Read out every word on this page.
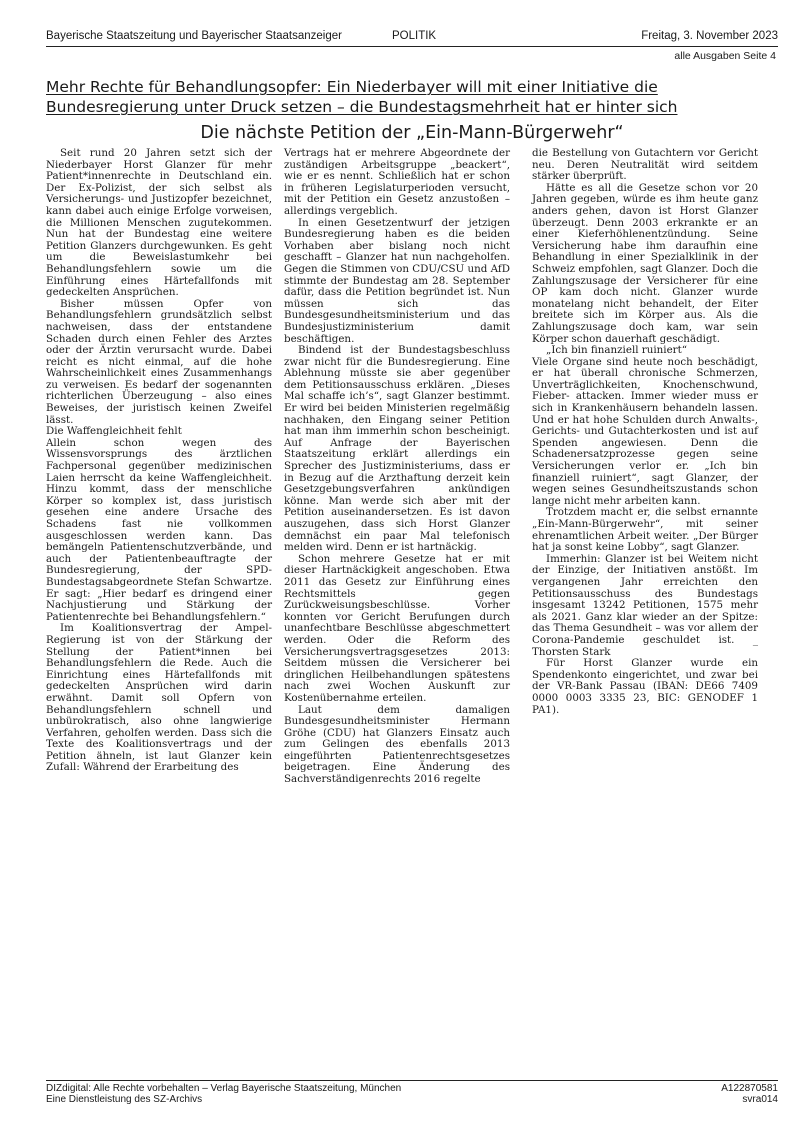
Bayerische Staatszeitung und Bayerischer Staatsanzeiger	POLITIK	Freitag, 3. November 2023
alle Ausgaben Seite 4
Mehr Rechte für Behandlungsopfer: Ein Niederbayer will mit einer Initiative die Bundesregierung unter Druck setzen – die Bundestagsmehrheit hat er hinter sich
Die nächste Petition der „Ein-Mann-Bürgerwehr“

Seit rund 20 Jahren setzt sich der Niederbayer Horst Glanzer für mehr Patient*innenrechte in Deutschland ein. Der Ex-Polizist, der sich selbst als Versicherungs- und Justizopfer bezeichnet, kann dabei auch einige Erfolge vorweisen, die Millionen Menschen zugutekommen. Nun hat der Bundestag eine weitere Petition Glanzers durchgewunken. Es geht um die Beweislastumkehr bei Behandlungsfehlern sowie um die Einführung eines Härtefallfonds mit gedeckelten Ansprüchen.

Bisher müssen Opfer von Behandlungsfehlern grundsätzlich selbst nachweisen, dass der entstandene Schaden durch einen Fehler des Arztes oder der Ärztin verursacht wurde. Dabei reicht es nicht einmal, auf die hohe Wahrscheinlichkeit eines Zusammenhangs zu verweisen. Es bedarf der sogenannten richterlichen Überzeugung – also eines Beweises, der juristisch keinen Zweifel lässt.

Die Waffengleichheit fehlt

Allein schon wegen des Wissensvorsprungs des ärztlichen Fachpersonal gegenüber medizinischen Laien herrscht da keine Waffengleichheit. Hinzu kommt, dass der menschliche Körper so komplex ist, dass juristisch gesehen eine andere Ursache des Schadens fast nie vollkommen ausgeschlossen werden kann. Das bemängeln Patientenschutzverbände, und auch der Patientenbeauftragte der Bundesregierung, der SPD-Bundestagsabgeordnete Stefan Schwartze. Er sagt: „Hier bedarf es dringend einer Nachjustierung und Stärkung der Patientenrechte bei Behandlungsfehlern.“

Im Koalitionsvertrag der Ampel-Regierung ist von der Stärkung der Stellung der Patient*innen bei Behandlungsfehlern die Rede. Auch die Einrichtung eines Härtefallfonds mit gedeckelten Ansprüchen wird darin erwähnt. Damit soll Opfern von Behandlungsfehlern schnell und unbürokratisch, also ohne langwierige Verfahren, geholfen werden. Dass sich die Texte des Koalitionsvertrags und der Petition ähneln, ist laut Glanzer kein Zufall: Während der Erarbeitung des

Vertrags hat er mehrere Abgeordnete der zuständigen Arbeitsgruppe „beackert“, wie er es nennt. Schließlich hat er schon in früheren Legislaturperioden versucht, mit der Petition ein Gesetz anzustoßen – allerdings vergeblich.

In einen Gesetzentwurf der jetzigen Bundesregierung haben es die beiden Vorhaben aber bislang noch nicht geschafft – Glanzer hat nun nachgeholfen. Gegen die Stimmen von CDU/CSU und AfD stimmte der Bundestag am 28. September dafür, dass die Petition begründet ist. Nun müssen sich das Bundesgesundheitsministerium und das Bundesjustizministerium damit beschäftigen.

Bindend ist der Bundestagsbeschluss zwar nicht für die Bundesregierung. Eine Ablehnung müsste sie aber gegenüber dem Petitionsausschuss erklären. „Dieses Mal schaffe ich’s“, sagt Glanzer bestimmt. Er wird bei beiden Ministerien regelmäßig nachhaken, den Eingang seiner Petition hat man ihm immerhin schon bescheinigt. Auf Anfrage der Bayerischen Staatszeitung erklärt allerdings ein Sprecher des Justizministeriums, dass er in Bezug auf die Arzthaftung derzeit kein Gesetzgebungsverfahren ankündigen könne. Man werde sich aber mit der Petition auseinandersetzen. Es ist davon auszugehen, dass sich Horst Glanzer demnächst ein paar Mal telefonisch melden wird. Denn er ist hartnäckig.

Schon mehrere Gesetze hat er mit dieser Hartnäckigkeit angeschoben. Etwa 2011 das Gesetz zur Einführung eines Rechtsmittels gegen Zurückweisungsbeschlüsse. Vorher konnten vor Gericht Berufungen durch unanfechtbare Beschlüsse abgeschmettert werden. Oder die Reform des Versicherungsvertragsgesetzes 2013: Seitdem müssen die Versicherer bei dringlichen Heilbehandlungen spätestens nach zwei Wochen Auskunft zur Kostenübernahme erteilen.

Laut dem damaligen Bundesgesundheitsminister Hermann Gröhe (CDU) hat Glanzers Einsatz auch zum Gelingen des ebenfalls 2013 eingeführten Patientenrechtsgesetzes beigetragen. Eine Änderung des Sachverständigenrechts 2016 regelte

die Bestellung von Gutachtern vor Gericht neu. Deren Neutralität wird seitdem stärker überprüft.

Hätte es all die Gesetze schon vor 20 Jahren gegeben, würde es ihm heute ganz anders gehen, davon ist Horst Glanzer überzeugt. Denn 2003 erkrankte er an einer Kieferhöhlenentzündung. Seine Versicherung habe ihm daraufhin eine Behandlung in einer Spezialklinik in der Schweiz empfohlen, sagt Glanzer. Doch die Zahlungszusage der Versicherer für eine OP kam doch nicht. Glanzer wurde monatelang nicht behandelt, der Eiter breitete sich im Körper aus. Als die Zahlungszusage doch kam, war sein Körper schon dauerhaft geschädigt.

„Ich bin finanziell ruiniert“

Viele Organe sind heute noch beschädigt, er hat überall chronische Schmerzen, Unverträglichkeiten, Knochenschwund, Fieber- attacken. Immer wieder muss er sich in Krankenhäusern behandeln lassen. Und er hat hohe Schulden durch Anwalts-, Gerichts- und Gutachterkosten und ist auf Spenden angewiesen. Denn die Schadenersatzprozesse gegen seine Versicherungen verlor er. „Ich bin finanziell ruiniert“, sagt Glanzer, der wegen seines Gesundheitszustands schon lange nicht mehr arbeiten kann.

Trotzdem macht er, die selbst ernannte „Ein-Mann-Bürgerwehr“, mit seiner ehrenamtlichen Arbeit weiter. „Der Bürger hat ja sonst keine Lobby“, sagt Glanzer.

Immerhin: Glanzer ist bei Weitem nicht der Einzige, der Initiativen anstößt. Im vergangenen Jahr erreichten den Petitionsausschuss des Bundestags insgesamt 13242 Petitionen, 1575 mehr als 2021. Ganz klar wieder an der Spitze: das Thema Gesundheit – was vor allem der Corona-Pandemie geschuldet ist. _ Thorsten Stark

Für Horst Glanzer wurde ein Spendenkonto eingerichtet, und zwar bei der VR-Bank Passau (IBAN: DE66 7409 0000 0003 3335 23, BIC: GENODEF 1 PA1).

DIZdigital: Alle Rechte vorbehalten – Verlag Bayerische Staatszeitung, München
Eine Dienstleistung des SZ-Archivs
A122870581
svra014
